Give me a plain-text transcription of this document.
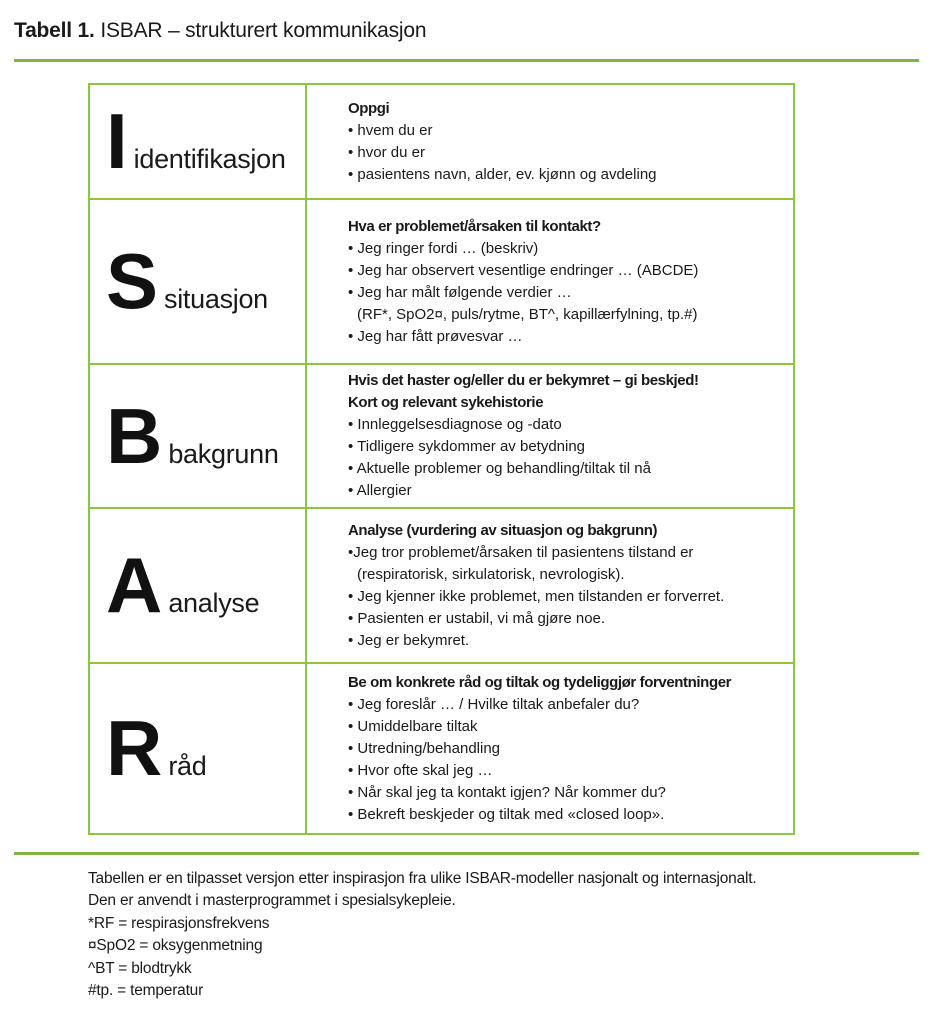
Tabell 1. ISBAR – strukturert kommunikasjon
Iidentifikasjon
Oppgi
• hvem du er
• hvor du er
• pasientens navn, alder, ev. kjønn og avdeling
Ssituasjon
Hva er problemet/årsaken til kontakt?
• Jeg ringer fordi … (beskriv)
• Jeg har observert vesentlige endringer … (ABCDE)
• Jeg har målt følgende verdier …
(RF*, SpO2¤, puls/rytme, BT^, kapillærfylning, tp.#)
• Jeg har fått prøvesvar …
Bbakgrunn
Hvis det haster og/eller du er bekymret – gi beskjed!
Kort og relevant sykehistorie
• Innleggelsesdiagnose og -dato
• Tidligere sykdommer av betydning
• Aktuelle problemer og behandling/tiltak til nå
• Allergier
Aanalyse
Analyse (vurdering av situasjon og bakgrunn)
•Jeg tror problemet/årsaken til pasientens tilstand er
(respiratorisk, sirkulatorisk, nevrologisk).
• Jeg kjenner ikke problemet, men tilstanden er forverret.
• Pasienten er ustabil, vi må gjøre noe.
• Jeg er bekymret.
Rråd
Be om konkrete råd og tiltak og tydeliggjør forventninger
• Jeg foreslår … / Hvilke tiltak anbefaler du?
• Umiddelbare tiltak
• Utredning/behandling
• Hvor ofte skal jeg …
• Når skal jeg ta kontakt igjen? Når kommer du?
• Bekreft beskjeder og tiltak med «closed loop».
Tabellen er en tilpasset versjon etter inspirasjon fra ulike ISBAR-modeller nasjonalt og internasjonalt.
Den er anvendt i masterprogrammet i spesialsykepleie.
*RF = respirasjonsfrekvens
¤SpO2 = oksygenmetning
^BT = blodtrykk
#tp. = temperatur
